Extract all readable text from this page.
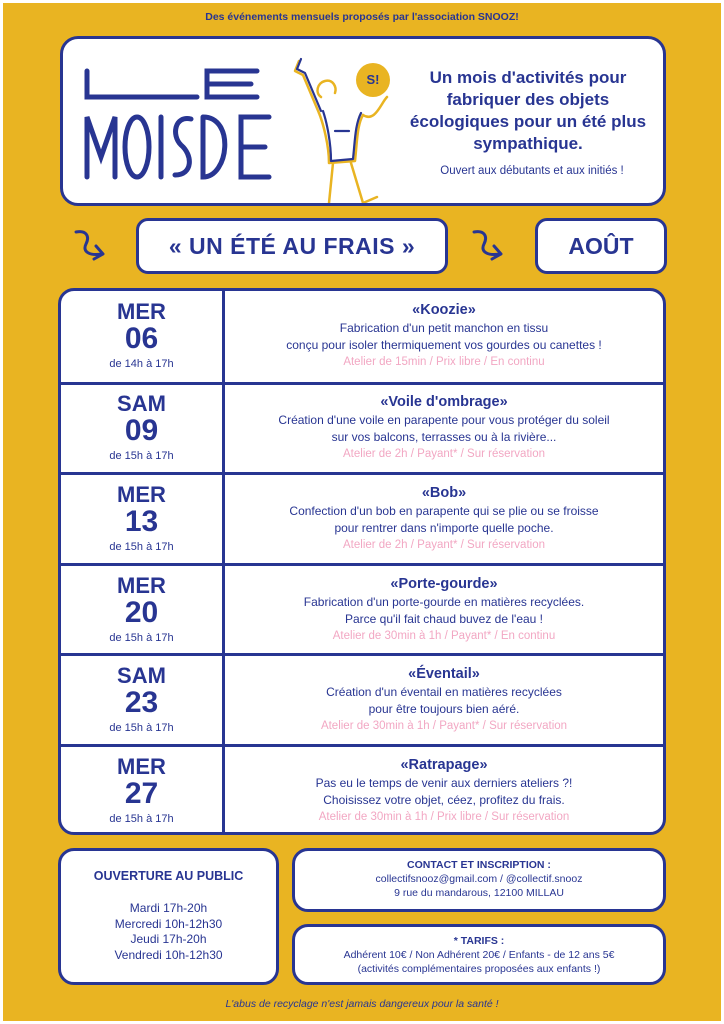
Des événements mensuels proposés par l'association SNOOZ!
LE
S!	Un mois d'activités pour fabriquer des objets écologiques pour un été plus sympathique.
Ouvert aux débutants et aux initiés !
« UN ÉTÉ AU FRAIS »	AOÛT
MER
06
de 14h à 17h
«Koozie»
Fabrication d'un petit manchon en tissu
conçu pour isoler thermiquement vos gourdes ou canettes !
Atelier de 15min / Prix libre / En continu
SAM
09
de 15h à 17h
«Voile d'ombrage»
Création d'une voile en parapente pour vous protéger du soleil
sur vos balcons, terrasses ou à la rivière...
Atelier de 2h / Payant* / Sur réservation
MER
13
de 15h à 17h
«Bob»
Confection d'un bob en parapente qui se plie ou se froisse
pour rentrer dans n'importe quelle poche.
Atelier de 2h / Payant* / Sur réservation
MER
20
de 15h à 17h
«Porte-gourde»
Fabrication d'un porte-gourde en matières recyclées.
Parce qu'il fait chaud buvez de l'eau !
Atelier de 30min à 1h / Payant* / En continu
SAM
23
de 15h à 17h
«Éventail»
Création d'un éventail en matières recyclées
pour être toujours bien aéré.
Atelier de 30min à 1h / Payant* / Sur réservation
MER
27
de 15h à 17h
«Ratrapage»
Pas eu le temps de venir aux derniers ateliers ?!
Choisissez votre objet, céez, profitez du frais.
Atelier de 30min à 1h / Prix libre / Sur réservation
OUVERTURE AU PUBLIC
Mardi 17h-20h
Mercredi 10h-12h30
Jeudi 17h-20h
Vendredi 10h-12h30
CONTACT ET INSCRIPTION :
collectifsnooz@gmail.com / @collectif.snooz
9 rue du mandarous, 12100 MILLAU
* TARIFS :
Adhérent 10€ / Non Adhérent 20€ / Enfants - de 12 ans 5€
(activités complémentaires proposées aux enfants !)
L'abus de recyclage n'est jamais dangereux pour la santé !
